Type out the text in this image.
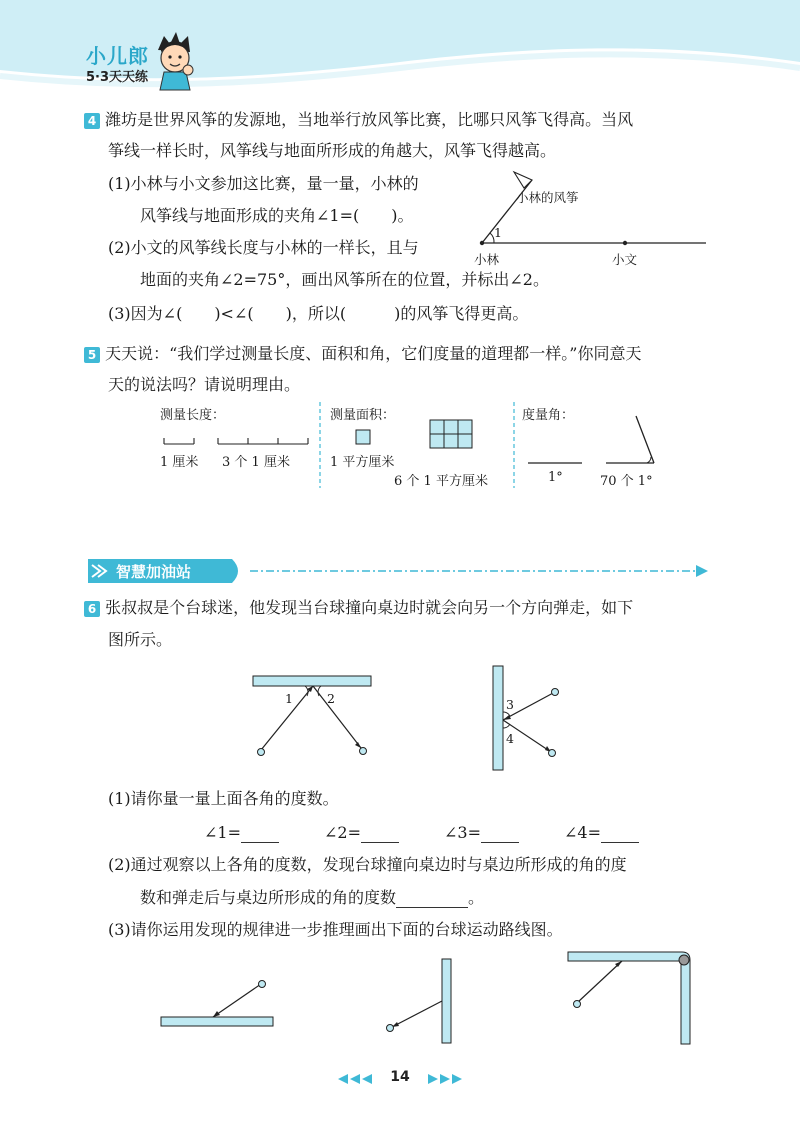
小儿郎
5·3天天练
4 潍坊是世界风筝的发源地，当地举行放风筝比赛，比哪只风筝飞得高。当风
筝线一样长时，风筝线与地面所形成的角越大，风筝飞得越高。
(1)小林与小文参加这比赛，量一量，小林的
风筝线与地面形成的夹角∠1=(　　)。
(2)小文的风筝线长度与小林的一样长，且与
地面的夹角∠2=75°，画出风筝所在的位置，并标出∠2。
(3)因为∠(　　)<∠(　　)，所以(　　　)的风筝飞得更高。
小林的风筝
1
小林	小文
5 天天说：“我们学过测量长度、面积和角，它们度量的道理都一样。”你同意天
天的说法吗？请说明理由。
测量长度：
1 厘米 3 个 1 厘米
测量面积：
1 平方厘米
6 个 1 平方厘米
度量角：
1°	70 个 1°
智慧加油站
6 张叔叔是个台球迷，他发现当台球撞向桌边时就会向另一个方向弹走，如下
图所示。
1	2	3
4
(1)请你量一量上面各角的度数。
∠1=	∠2=	∠3=	∠4=
(2)通过观察以上各角的度数，发现台球撞向桌边时与桌边所形成的角的度
数和弹走后与桌边所形成的角的度数	。
(3)请你运用发现的规律进一步推理画出下面的台球运动路线图。
14
